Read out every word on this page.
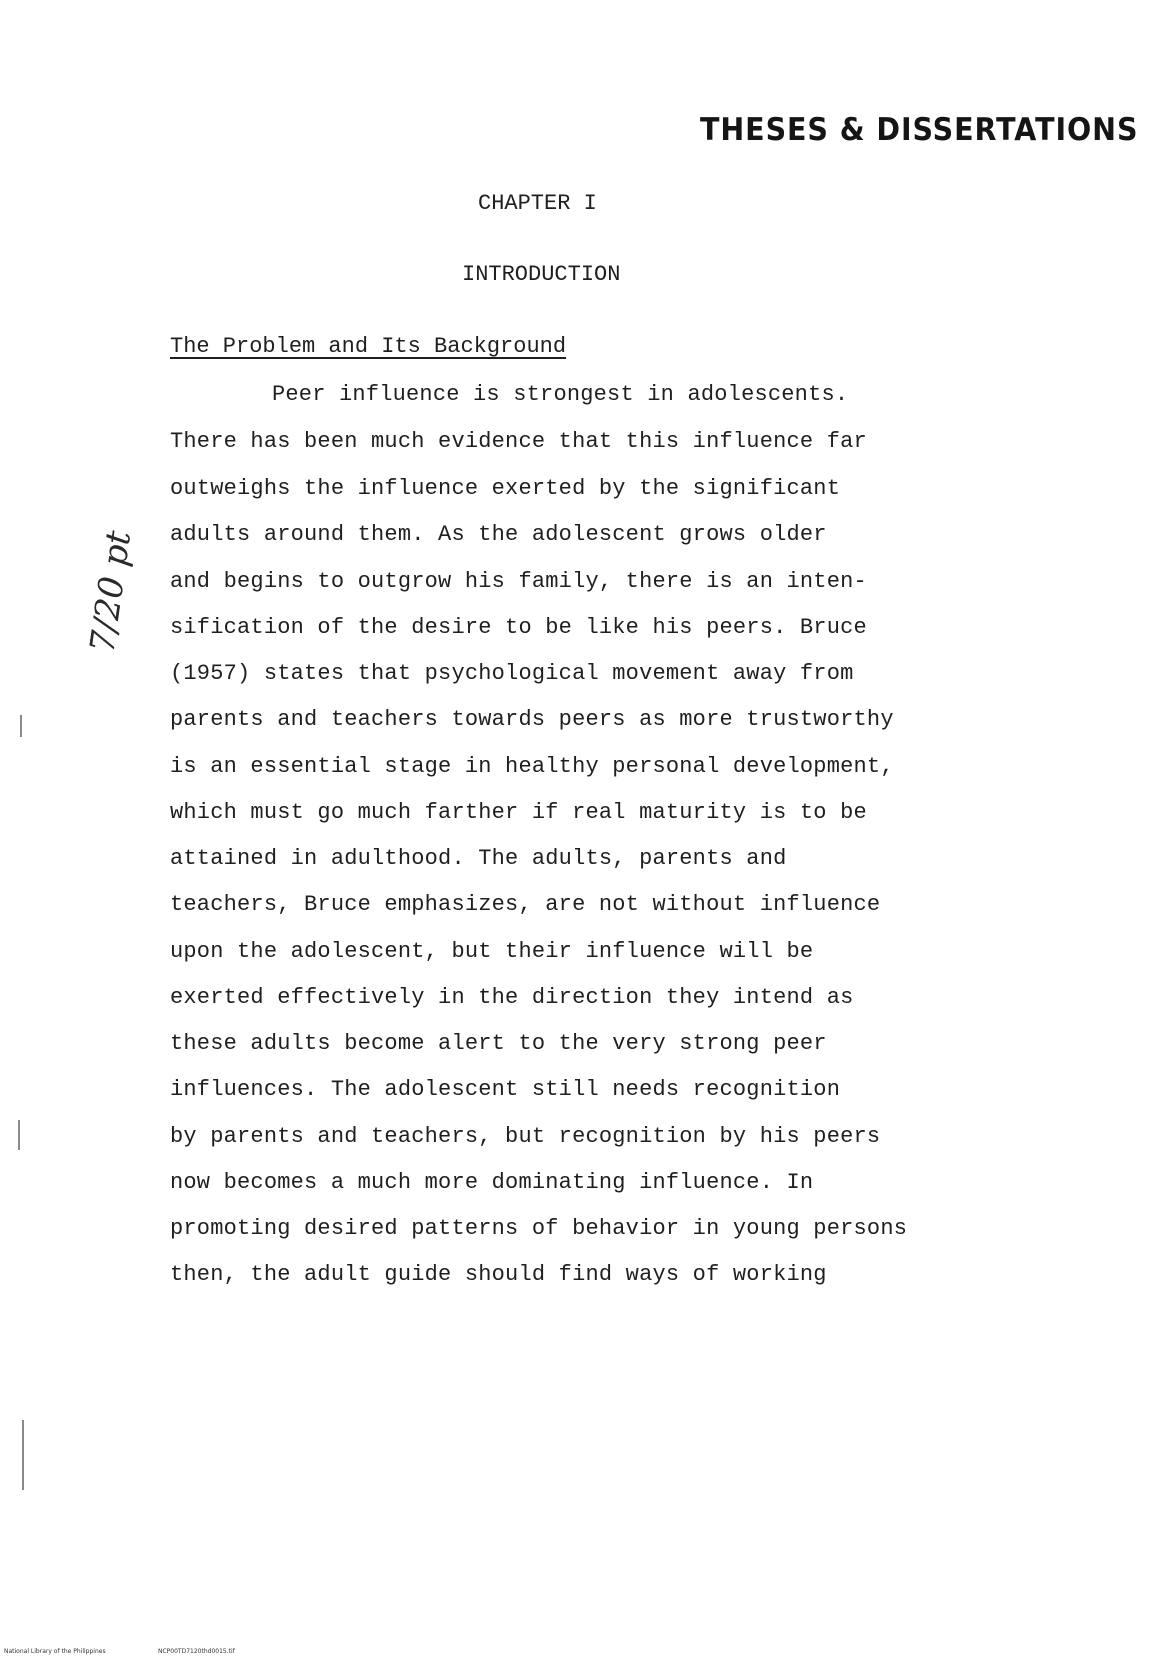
THESES & DISSERTATIONS
CHAPTER I
INTRODUCTION
The Problem and Its Background
7/20 pt
Peer influence is strongest in adolescents.
There has been much evidence that this influence far
outweighs the influence exerted by the significant
adults around them. As the adolescent grows older
and begins to outgrow his family, there is an inten-
sification of the desire to be like his peers. Bruce
(1957) states that psychological movement away from
parents and teachers towards peers as more trustworthy
is an essential stage in healthy personal development,
which must go much farther if real maturity is to be
attained in adulthood. The adults, parents and
teachers, Bruce emphasizes, are not without influence
upon the adolescent, but their influence will be
exerted effectively in the direction they intend as
these adults become alert to the very strong peer
influences. The adolescent still needs recognition
by parents and teachers, but recognition by his peers
now becomes a much more dominating influence. In
promoting desired patterns of behavior in young persons
then, the adult guide should find ways of working
National Library of the Philippines	NCP00TD7120thd0015.tif
